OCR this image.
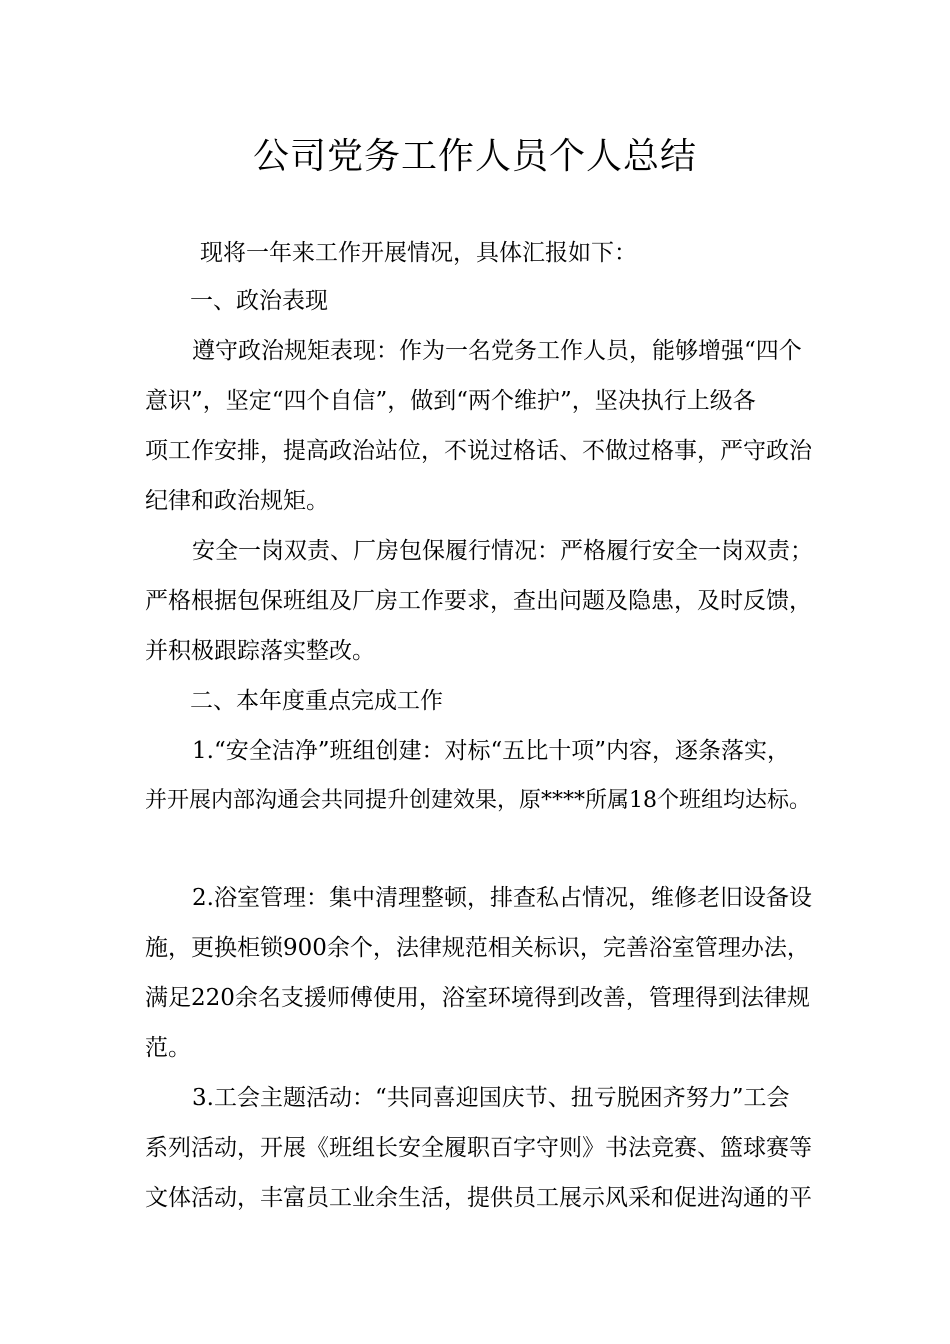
公司党务工作人员个人总结
现将一年来工作开展情况，具体汇报如下：
一、政治表现
遵守政治规矩表现：作为一名党务工作人员，能够增强“四个
意识”，坚定“四个自信”，做到“两个维护”，坚决执行上级各
项工作安排，提高政治站位，不说过格话、不做过格事，严守政治
纪律和政治规矩。
安全一岗双责、厂房包保履行情况：严格履行安全一岗双责；
严格根据包保班组及厂房工作要求，查出问题及隐患，及时反馈，
并积极跟踪落实整改。
二、本年度重点完成工作
1.“安全洁净”班组创建：对标“五比十项”内容，逐条落实，
并开展内部沟通会共同提升创建效果，原****所属18个班组均达标。
2.浴室管理：集中清理整顿，排查私占情况，维修老旧设备设
施，更换柜锁900余个，法律规范相关标识，完善浴室管理办法，
满足220余名支援师傅使用，浴室环境得到改善，管理得到法律规
范。
3.工会主题活动：“共同喜迎国庆节、扭亏脱困齐努力”工会
系列活动，开展《班组长安全履职百字守则》书法竞赛、篮球赛等
文体活动，丰富员工业余生活，提供员工展示风采和促进沟通的平
